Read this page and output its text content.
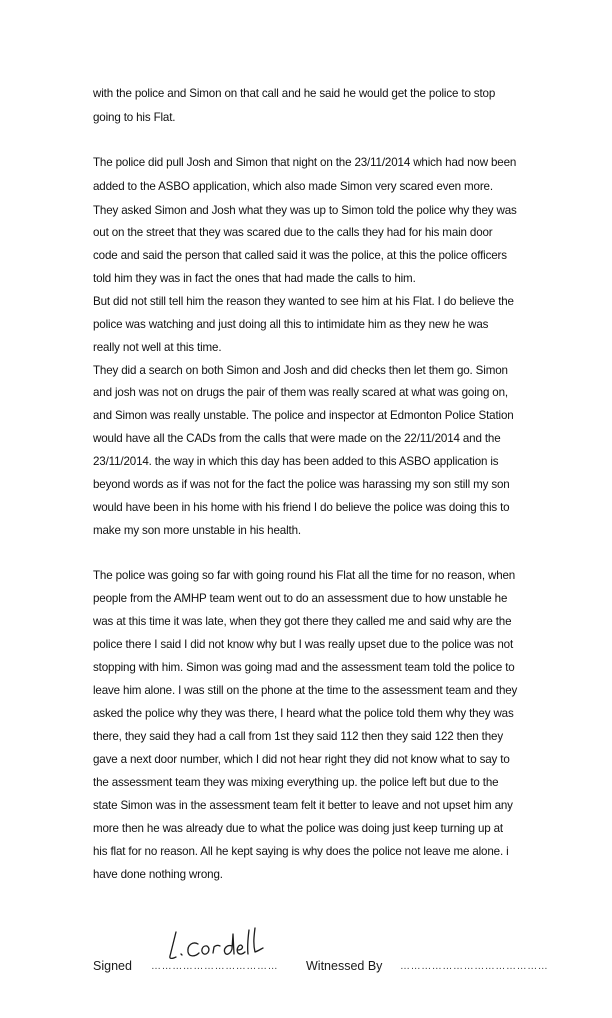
with the police and Simon on that call and he said he would get the police to stop
going to his Flat.
The police did pull Josh and Simon that night on the 23/11/2014 which had now been
added to the ASBO application, which also made Simon very scared even more.
They asked Simon and Josh what they was up to Simon told the police why they was
out on the street that they was scared due to the calls they had for his main door
code and said the person that called said it was the police, at this the police officers
told him they was in fact the ones that had made the calls to him.
But did not still tell him the reason they wanted to see him at his Flat. I do believe the
police was watching and just doing all this to intimidate him as they new he was
really not well at this time.
They did a search on both Simon and Josh and did checks then let them go. Simon
and josh was not on drugs the pair of them was really scared at what was going on,
and Simon was really unstable. The police and inspector at Edmonton Police Station
would have all the CADs from the calls that were made on the 22/11/2014 and the
23/11/2014. the way in which this day has been added to this ASBO application is
beyond words as if was not for the fact the police was harassing my son still my son
would have been in his home with his friend I do believe the police was doing this to
make my son more unstable in his health.
The police was going so far with going round his Flat all the time for no reason, when
people from the AMHP team went out to do an assessment due to how unstable he
was at this time it was late, when they got there they called me and said why are the
police there I said I did not know why but I was really upset due to the police was not
stopping with him. Simon was going mad and the assessment team told the police to
leave him alone. I was still on the phone at the time to the assessment team and they
asked the police why they was there, I heard what the police told them why they was
there, they said they had a call from 1st they said 112 then they said 122 then they
gave a next door number, which I did not hear right they did not know what to say to
the assessment team they was mixing everything up. the police left but due to the
state Simon was in the assessment team felt it better to leave and not upset him any
more then he was already due to what the police was doing just keep turning up at
his flat for no reason. All he kept saying is why does the police not leave me alone. i
have done nothing wrong.
Signed ………………………………	Witnessed By ……………………………………
